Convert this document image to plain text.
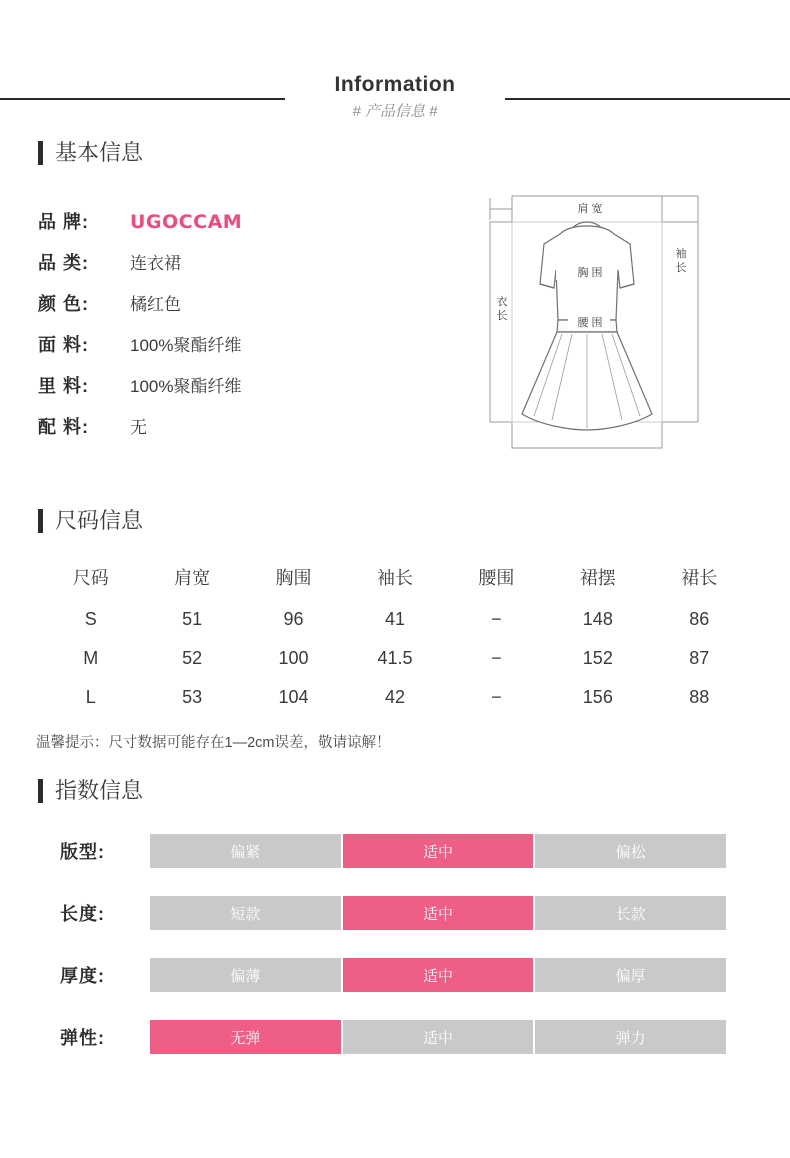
Information
# 产品信息 #
基本信息
品 牌:	UGOCCAM
品 类:	连衣裙
颜 色:	橘红色
面 料:	100%聚酯纤维
里 料:	100%聚酯纤维
配 料:	无
肩 宽
胸 围
腰 围
袖 长
衣 长
尺码信息
尺码	肩宽	胸围	袖长	腰围	裙摆	裙长
S	51	96	41	−	148	86
M	52	100	41.5	−	152	87
L	53	104	42	−	156	88
温馨提示：尺寸数据可能存在1—2cm误差，敬请谅解！
指数信息
版型:	偏紧	适中	偏松
长度:	短款	适中	长款
厚度:	偏薄	适中	偏厚
弹性:	无弹	适中	弹力
